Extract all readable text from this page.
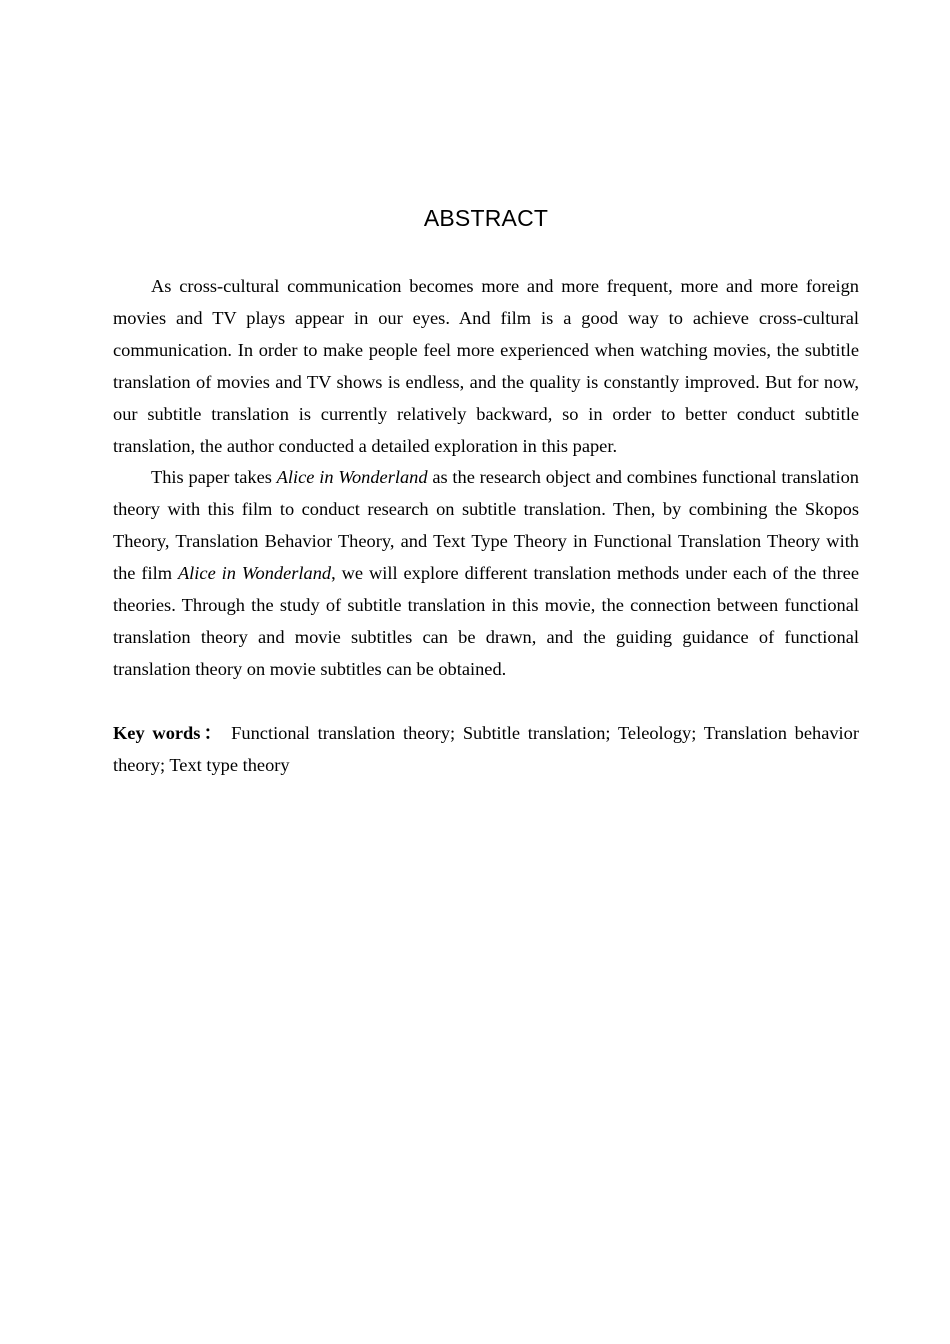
ABSTRACT

As cross-cultural communication becomes more and more frequent, more and more foreign movies and TV plays appear in our eyes. And film is a good way to achieve cross-cultural communication. In order to make people feel more experienced when watching movies, the subtitle translation of movies and TV shows is endless, and the quality is constantly improved. But for now, our subtitle translation is currently relatively backward, so in order to better conduct subtitle translation, the author conducted a detailed exploration in this paper.

This paper takes Alice in Wonderland as the research object and combines functional translation theory with this film to conduct research on subtitle translation. Then, by combining the Skopos Theory, Translation Behavior Theory, and Text Type Theory in Functional Translation Theory with the film Alice in Wonderland, we will explore different translation methods under each of the three theories. Through the study of subtitle translation in this movie, the connection between functional translation theory and movie subtitles can be drawn, and the guiding guidance of functional translation theory on movie subtitles can be obtained.

Key words： Functional translation theory; Subtitle translation; Teleology; Translation behavior theory; Text type theory
